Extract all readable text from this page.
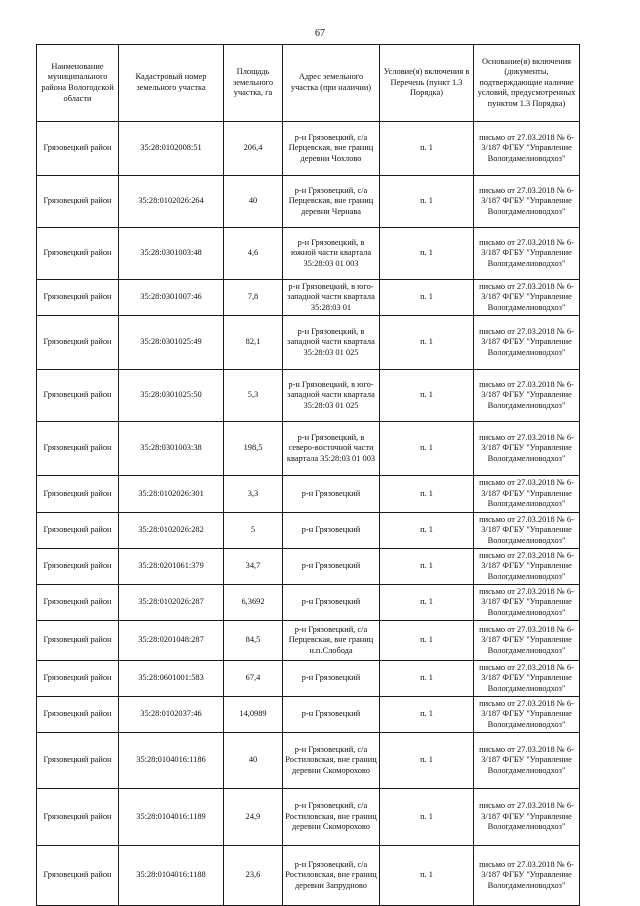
67
Наименование муниципального района Вологодской области	Кадастровый номер земельного участка	Площадь земельного участка, га	Адрес земельного участка (при наличии)	Условие(я) включения в Перечень (пункт 1.3 Порядка)	Основание(я) включения (документы, подтверждающие наличие условий, предусмотренных пунктом 1.3 Порядка)
Грязовецкий район	35:28:0102008:51	206,4	р-н Грязовецкий, с/а Перцевская, вне границ деревни Чохлово	п. 1	письмо от 27.03.2018 № 6-3/187 ФГБУ "Управление Вологдамелиоводхоз"
Грязовецкий район	35:28:0102026:264	40	р-н Грязовецкий, с/а Перцевская, вне границ деревни Чернава	п. 1	письмо от 27.03.2018 № 6-3/187 ФГБУ "Управление Вологдамелиоводхоз"
Грязовецкий район	35:28:0301003:48	4,6	р-н Грязовецкий, в южной части квартала 35:28:03 01 003	п. 1	письмо от 27.03.2018 № 6-3/187 ФГБУ "Управление Вологдамелиоводхоз"
Грязовецкий район	35:28:0301007:46	7,8	р-н Грязовецкий, в юго-западной части квартала 35:28:03 01	п. 1	письмо от 27.03.2018 № 6-3/187 ФГБУ "Управление Вологдамелиоводхоз"
Грязовецкий район	35:28:0301025:49	82,1	р-н Грязовецкий, в западной части квартала 35:28:03 01 025	п. 1	письмо от 27.03.2018 № 6-3/187 ФГБУ "Управление Вологдамелиоводхоз"
Грязовецкий район	35:28:0301025:50	5,3	р-н Грязовецкий, в юго-западной части квартала 35:28:03 01 025	п. 1	письмо от 27.03.2018 № 6-3/187 ФГБУ "Управление Вологдамелиоводхоз"
Грязовецкий район	35:28:0301003:38	198,5	р-н Грязовецкий, в северо-восточной части квартала 35:28:03 01 003	п. 1	письмо от 27.03.2018 № 6-3/187 ФГБУ "Управление Вологдамелиоводхоз"
Грязовецкий район	35:28:0102026:301	3,3	р-н Грязовецкий	п. 1	письмо от 27.03.2018 № 6-3/187 ФГБУ "Управление Вологдамелиоводхоз"
Грязовецкий район	35:28:0102026:282	5	р-н Грязовецкий	п. 1	письмо от 27.03.2018 № 6-3/187 ФГБУ "Управление Вологдамелиоводхоз"
Грязовецкий район	35:28:0201061:379	34,7	р-н Грязовецкий	п. 1	письмо от 27.03.2018 № 6-3/187 ФГБУ "Управление Вологдамелиоводхоз"
Грязовецкий район	35:28:0102026:287	6,3692	р-н Грязовецкий	п. 1	письмо от 27.03.2018 № 6-3/187 ФГБУ "Управление Вологдамелиоводхоз"
Грязовецкий район	35:28:0201048:287	84,5	р-н Грязовецкий, с/а Перцевская, вне границ н.п.Слобода	п. 1	письмо от 27.03.2018 № 6-3/187 ФГБУ "Управление Вологдамелиоводхоз"
Грязовецкий район	35:28:0601001:583	67,4	р-н Грязовецкий	п. 1	письмо от 27.03.2018 № 6-3/187 ФГБУ "Управление Вологдамелиоводхоз"
Грязовецкий район	35:28:0102037:46	14,0989	р-н Грязовецкий	п. 1	письмо от 27.03.2018 № 6-3/187 ФГБУ "Управление Вологдамелиоводхоз"
Грязовецкий район	35:28:0104016:1186	40	р-н Грязовецкий, с/а Ростиловская, вне границ деревни Скоморохово	п. 1	письмо от 27.03.2018 № 6-3/187 ФГБУ "Управление Вологдамелиоводхоз"
Грязовецкий район	35:28:0104016:1189	24,9	р-н Грязовецкий, с/а Ростиловская, вне границ деревни Скоморохово	п. 1	письмо от 27.03.2018 № 6-3/187 ФГБУ "Управление Вологдамелиоводхоз"
Грязовецкий район	35:28:0104016:1188	23,6	р-н Грязовецкий, с/а Ростиловская, вне границ деревни Запрудново	п. 1	письмо от 27.03.2018 № 6-3/187 ФГБУ "Управление Вологдамелиоводхоз"
